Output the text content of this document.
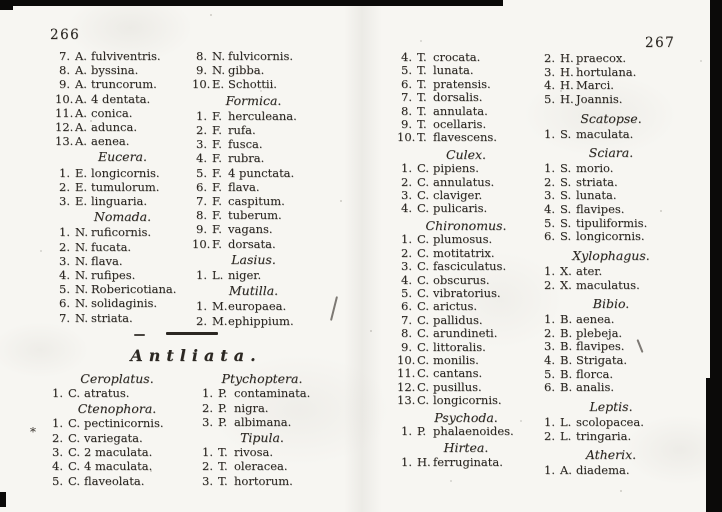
266	267
7. A. fulviventris.
8. A. byssina.
9. A. truncorum.
10. A. 4 dentata.
11. A. conica.
12. A. adunca.
13. A. aenea.
Eucera.
1. E. longicornis.
2. E. tumulorum.
3. E. linguaria.
Nomada.
1. N. ruficornis.
2. N. fucata.
3. N. flava.
4. N. rufipes.
5. N. Robericotiana.
6. N. solidaginis.
7. N. striata.
8. N. fulvicornis.
9. N. gibba.
10. E. Schottii.
Formica.
1. F. herculeana.
2. F. rufa.
3. F. fusca.
4. F. rubra.
5. F. 4 punctata.
6. F. flava.
7. F. caspitum.
8. F. tuberum.
9. F. vagans.
10. F. dorsata.
Lasius.
1. L. niger.
Mutilla.
1. M. europaea.
2. M. ephippium.
Antliata.
Ceroplatus.
1. C. atratus.
Ctenophora.
1. C. pectinicornis.
2. C. variegata.
3. C. 2 maculata.
4. C. 4 maculata.
5. C. flaveolata.
Ptychoptera.
1. P. contaminata.
2. P. nigra.
3. P. albimana.
Tipula.
1. T. rivosa.
2. T. oleracea.
3. T. hortorum.
4. T. crocata.
5. T. lunata.
6. T. pratensis.
7. T. dorsalis.
8. T. annulata.
9. T. ocellaris.
10. T. flavescens.
Culex.
1. C. pipiens.
2. C. annulatus.
3. C. claviger.
4. C. pulicaris.
Chironomus.
1. C. plumosus.
2. C. motitatrix.
3. C. fasciculatus.
4. C. obscurus.
5. C. vibratorius.
6. C. arictus.
7. C. pallidus.
8. C. arundineti.
9. C. littoralis.
10. C. monilis.
11. C. cantans.
12. C. pusillus.
13. C. longicornis.
Psychoda.
1. P. phalaenoides.
Hirtea.
1. H. ferruginata.
2. H. praecox.
3. H. hortulana.
4. H. Marci.
5. H. Joannis.
Scatopse.
1. S. maculata.
Sciara.
1. S. morio.
2. S. striata.
3. S. lunata.
4. S. flavipes.
5. S. tipuliformis.
6. S. longicornis.
Xylophagus.
1. X. ater.
2. X. maculatus.
Bibio.
1. B. aenea.
2. B. plebeja.
3. B. flavipes.
4. B. Strigata.
5. B. florca.
6. B. analis.
Leptis.
1. L. scolopacea.
2. L. tringaria.
Atherix.
1. A. diadema.
*
